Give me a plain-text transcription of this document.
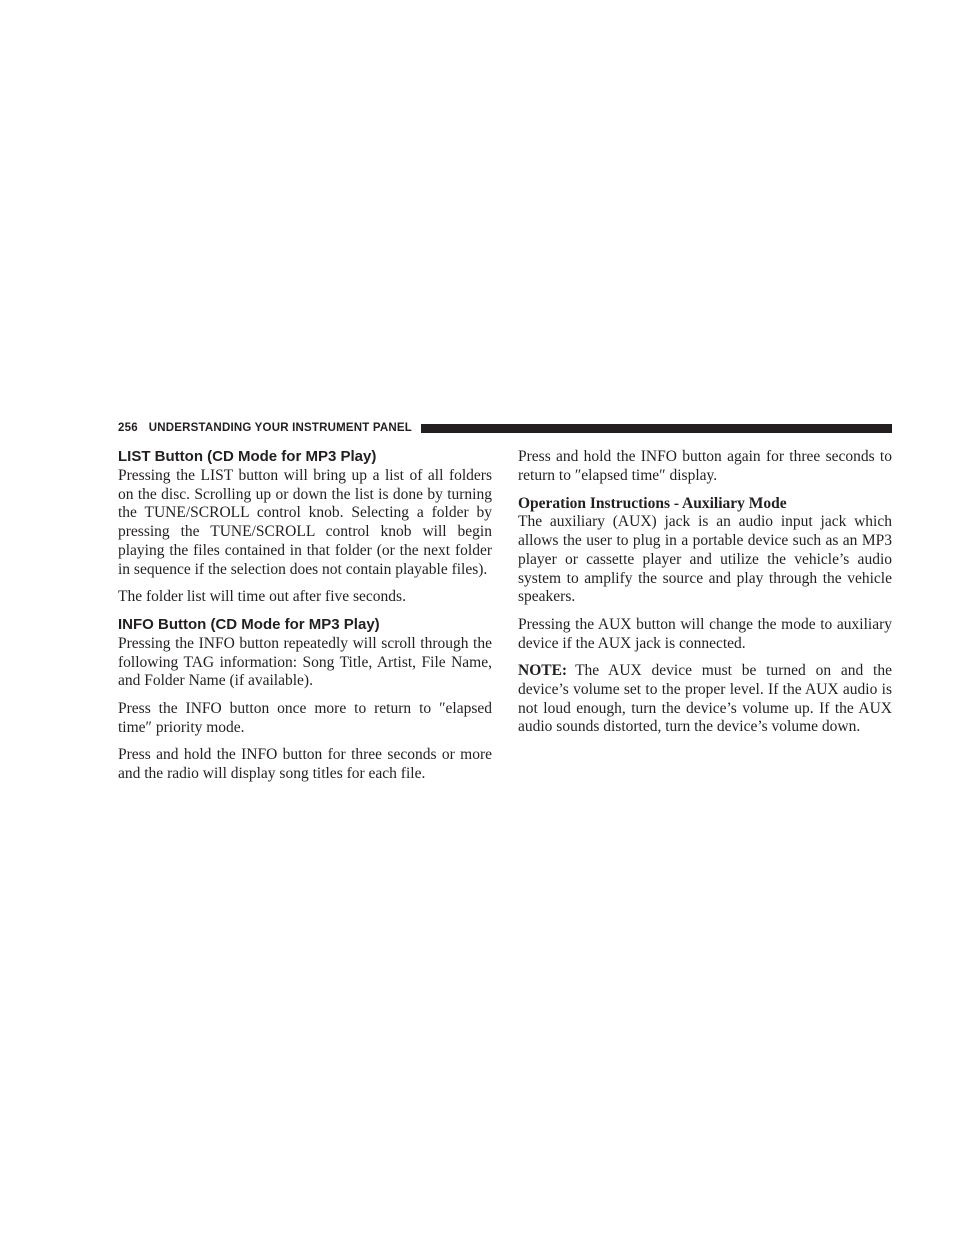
256 UNDERSTANDING YOUR INSTRUMENT PANEL
LIST Button (CD Mode for MP3 Play)

Pressing the LIST button will bring up a list of all folders on the disc. Scrolling up or down the list is done by turning the TUNE/SCROLL control knob. Selecting a folder by pressing the TUNE/SCROLL control knob will begin playing the files contained in that folder (or the next folder in sequence if the selection does not contain playable files).

The folder list will time out after five seconds.

INFO Button (CD Mode for MP3 Play)

Pressing the INFO button repeatedly will scroll through the following TAG information: Song Title, Artist, File Name, and Folder Name (if available).

Press the INFO button once more to return to ″elapsed time″ priority mode.

Press and hold the INFO button for three seconds or more and the radio will display song titles for each file.

Press and hold the INFO button again for three seconds to return to ″elapsed time″ display.

Operation Instructions - Auxiliary Mode

The auxiliary (AUX) jack is an audio input jack which allows the user to plug in a portable device such as an MP3 player or cassette player and utilize the vehicle’s audio system to amplify the source and play through the vehicle speakers.

Pressing the AUX button will change the mode to auxiliary device if the AUX jack is connected.

NOTE: The AUX device must be turned on and the device’s volume set to the proper level. If the AUX audio is not loud enough, turn the device’s volume up. If the AUX audio sounds distorted, turn the device’s volume down.
